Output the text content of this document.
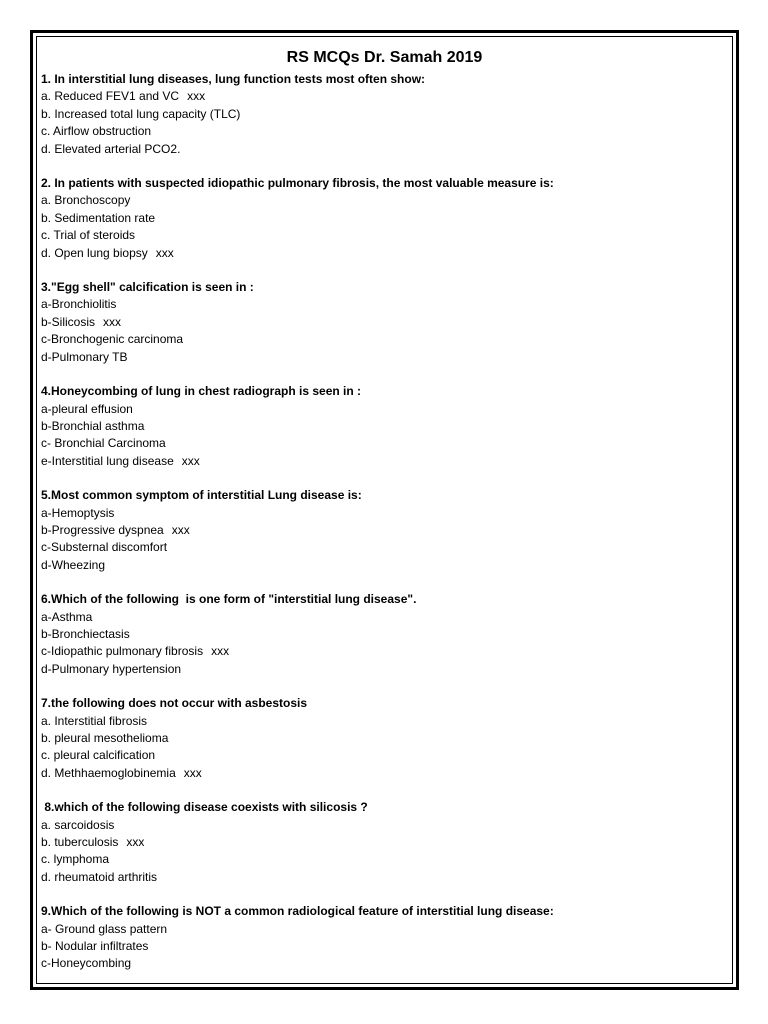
RS MCQs Dr. Samah 2019
1. In interstitial lung diseases, lung function tests most often show:
a. Reduced FEV1 and VC xxx
b. Increased total lung capacity (TLC)
c. Airflow obstruction
d. Elevated arterial PCO2.
2. In patients with suspected idiopathic pulmonary fibrosis, the most valuable measure is:
a. Bronchoscopy
b. Sedimentation rate
c. Trial of steroids
d. Open lung biopsy xxx
3."Egg shell" calcification is seen in :
a-Bronchiolitis
b-Silicosis xxx
c-Bronchogenic carcinoma
d-Pulmonary TB
4.Honeycombing of lung in chest radiograph is seen in :
a-pleural effusion
b-Bronchial asthma
c- Bronchial Carcinoma
e-Interstitial lung disease xxx
5.Most common symptom of interstitial Lung disease is:
a-Hemoptysis
b-Progressive dyspnea xxx
c-Substernal discomfort
d-Wheezing
6.Which of the following  is one form of "interstitial lung disease".
a-Asthma
b-Bronchiectasis
c-Idiopathic pulmonary fibrosis xxx
d-Pulmonary hypertension
7.the following does not occur with asbestosis
a. Interstitial fibrosis
b. pleural mesothelioma
c. pleural calcification
d. Methhaemoglobinemia xxx
8.which of the following disease coexists with silicosis ?
a. sarcoidosis
b. tuberculosis xxx
c. lymphoma
d. rheumatoid arthritis
9.Which of the following is NOT a common radiological feature of interstitial lung disease:
a- Ground glass pattern
b- Nodular infiltrates
c-Honeycombing
